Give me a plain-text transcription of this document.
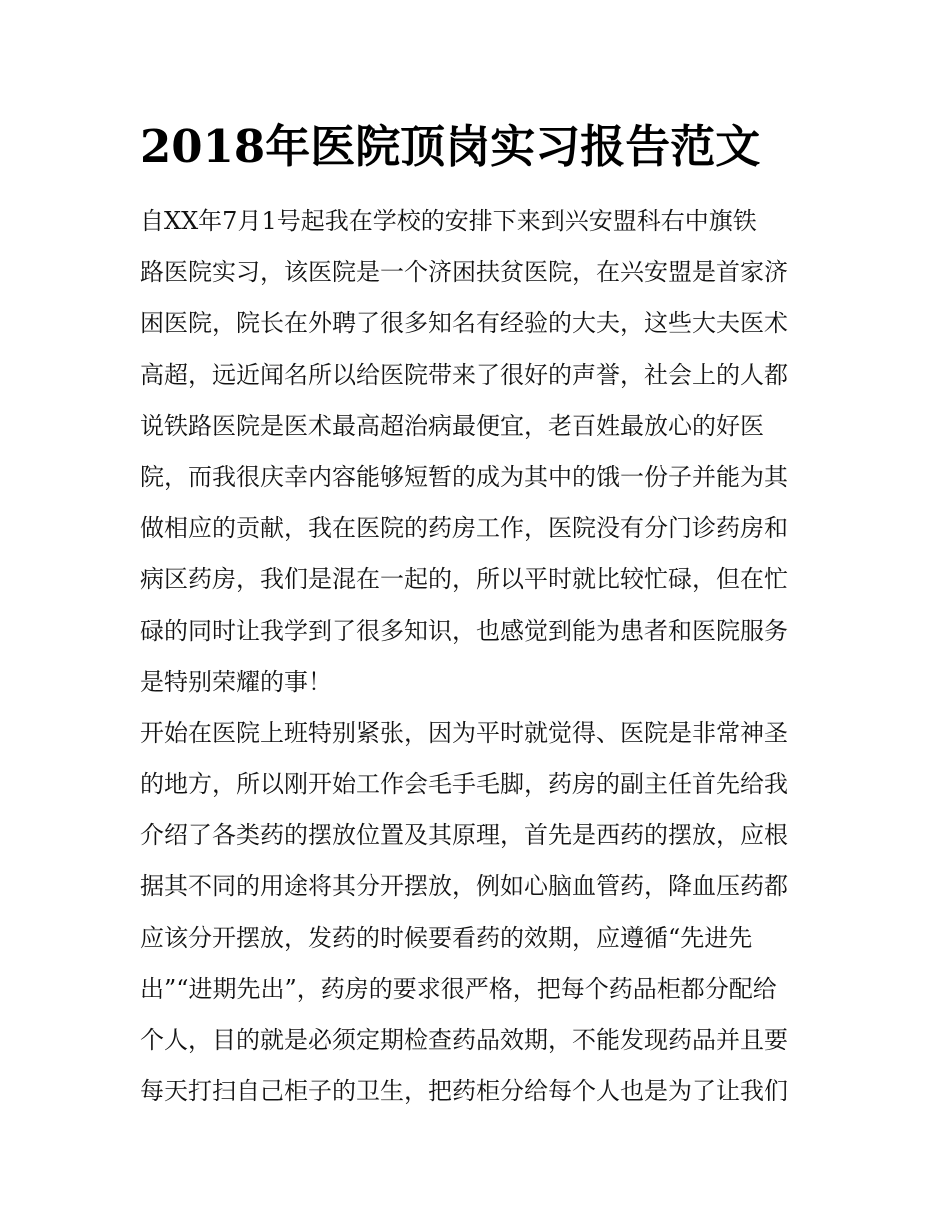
2018年医院顶岗实习报告范文
自XX年7月1号起我在学校的安排下来到兴安盟科右中旗铁
路医院实习，该医院是一个济困扶贫医院，在兴安盟是首家济
困医院，院长在外聘了很多知名有经验的大夫，这些大夫医术
高超，远近闻名所以给医院带来了很好的声誉，社会上的人都
说铁路医院是医术最高超治病最便宜，老百姓最放心的好医
院，而我很庆幸内容能够短暂的成为其中的饿一份子并能为其
做相应的贡献，我在医院的药房工作，医院没有分门诊药房和
病区药房，我们是混在一起的，所以平时就比较忙碌，但在忙
碌的同时让我学到了很多知识，也感觉到能为患者和医院服务
是特别荣耀的事！
开始在医院上班特别紧张，因为平时就觉得、医院是非常神圣
的地方，所以刚开始工作会毛手毛脚，药房的副主任首先给我
介绍了各类药的摆放位置及其原理，首先是西药的摆放，应根
据其不同的用途将其分开摆放，例如心脑血管药，降血压药都
应该分开摆放，发药的时候要看药的效期，应遵循“先进先
出”“进期先出”，药房的要求很严格，把每个药品柜都分配给
个人，目的就是必须定期检查药品效期，不能发现药品并且要
每天打扫自己柜子的卫生，把药柜分给每个人也是为了让我们
